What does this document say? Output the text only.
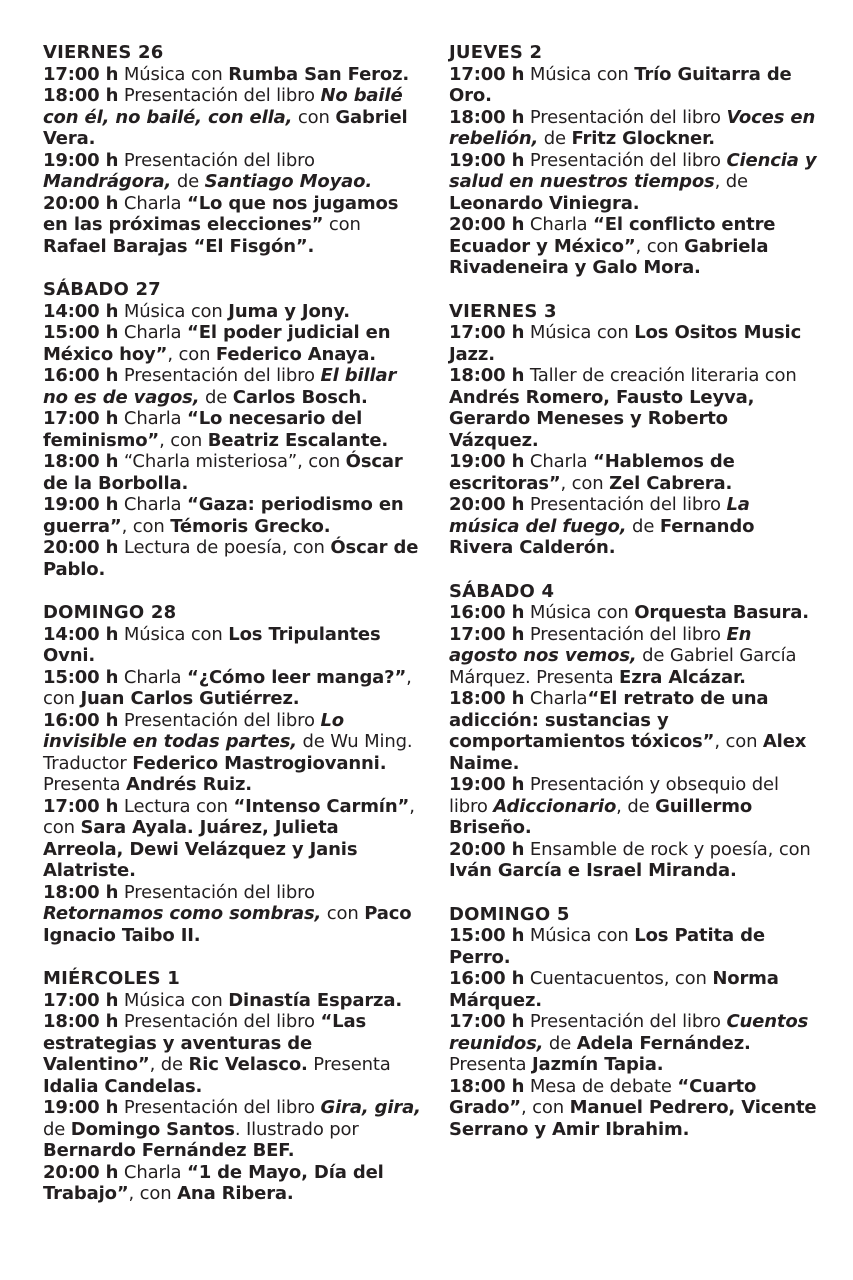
VIERNES 26
17:00 h Música con Rumba San Feroz.
18:00 h Presentación del libro No bailé con él, no bailé, con ella, con Gabriel Vera.
19:00 h Presentación del libro Mandrágora, de Santiago Moyao.
20:00 h Charla “Lo que nos jugamos en las próximas elecciones” con Rafael Barajas “El Fisgón”.
SÁBADO 27
14:00 h Música con Juma y Jony.
15:00 h Charla “El poder judicial en México hoy”, con Federico Anaya.
16:00 h Presentación del libro El billar no es de vagos, de Carlos Bosch.
17:00 h Charla “Lo necesario del feminismo”, con Beatriz Escalante.
18:00 h “Charla misteriosa”, con Óscar de la Borbolla.
19:00 h Charla “Gaza: periodismo en guerra”, con Témoris Grecko.
20:00 h Lectura de poesía, con Óscar de Pablo.
DOMINGO 28
14:00 h Música con Los Tripulantes Ovni.
15:00 h Charla “¿Cómo leer manga?”, con Juan Carlos Gutiérrez.
16:00 h Presentación del libro Lo invisible en todas partes, de Wu Ming. Traductor Federico Mastrogiovanni. Presenta Andrés Ruiz.
17:00 h Lectura con “Intenso Carmín”, con Sara Ayala. Juárez, Julieta Arreola, Dewi Velázquez y Janis Alatriste.
18:00 h Presentación del libro Retornamos como sombras, con Paco Ignacio Taibo II.
MIÉRCOLES 1
17:00 h Música con Dinastía Esparza.
18:00 h Presentación del libro “Las estrategias y aventuras de Valentino”, de Ric Velasco. Presenta Idalia Candelas.
19:00 h Presentación del libro Gira, gira, de Domingo Santos. Ilustrado por Bernardo Fernández BEF.
20:00 h Charla “1 de Mayo, Día del Trabajo”, con Ana Ribera.
JUEVES 2
17:00 h Música con Trío Guitarra de Oro.
18:00 h Presentación del libro Voces en rebelión, de Fritz Glockner.
19:00 h Presentación del libro Ciencia y salud en nuestros tiempos, de Leonardo Viniegra.
20:00 h Charla “El conflicto entre Ecuador y México”, con Gabriela Rivadeneira y Galo Mora.
VIERNES 3
17:00 h Música con Los Ositos Music Jazz.
18:00 h Taller de creación literaria con Andrés Romero, Fausto Leyva, Gerardo Meneses y Roberto Vázquez.
19:00 h Charla “Hablemos de escritoras”, con Zel Cabrera.
20:00 h Presentación del libro La música del fuego, de Fernando Rivera Calderón.
SÁBADO 4
16:00 h Música con Orquesta Basura.
17:00 h Presentación del libro En agosto nos vemos, de Gabriel García Márquez. Presenta Ezra Alcázar.
18:00 h Charla“El retrato de una adicción: sustancias y comportamientos tóxicos”, con Alex Naime.
19:00 h Presentación y obsequio del libro Adiccionario, de Guillermo Briseño.
20:00 h Ensamble de rock y poesía, con Iván García e Israel Miranda.
DOMINGO 5
15:00 h Música con Los Patita de Perro.
16:00 h Cuentacuentos, con Norma Márquez.
17:00 h Presentación del libro Cuentos reunidos, de Adela Fernández. Presenta Jazmín Tapia.
18:00 h Mesa de debate “Cuarto Grado”, con Manuel Pedrero, Vicente Serrano y Amir Ibrahim.
